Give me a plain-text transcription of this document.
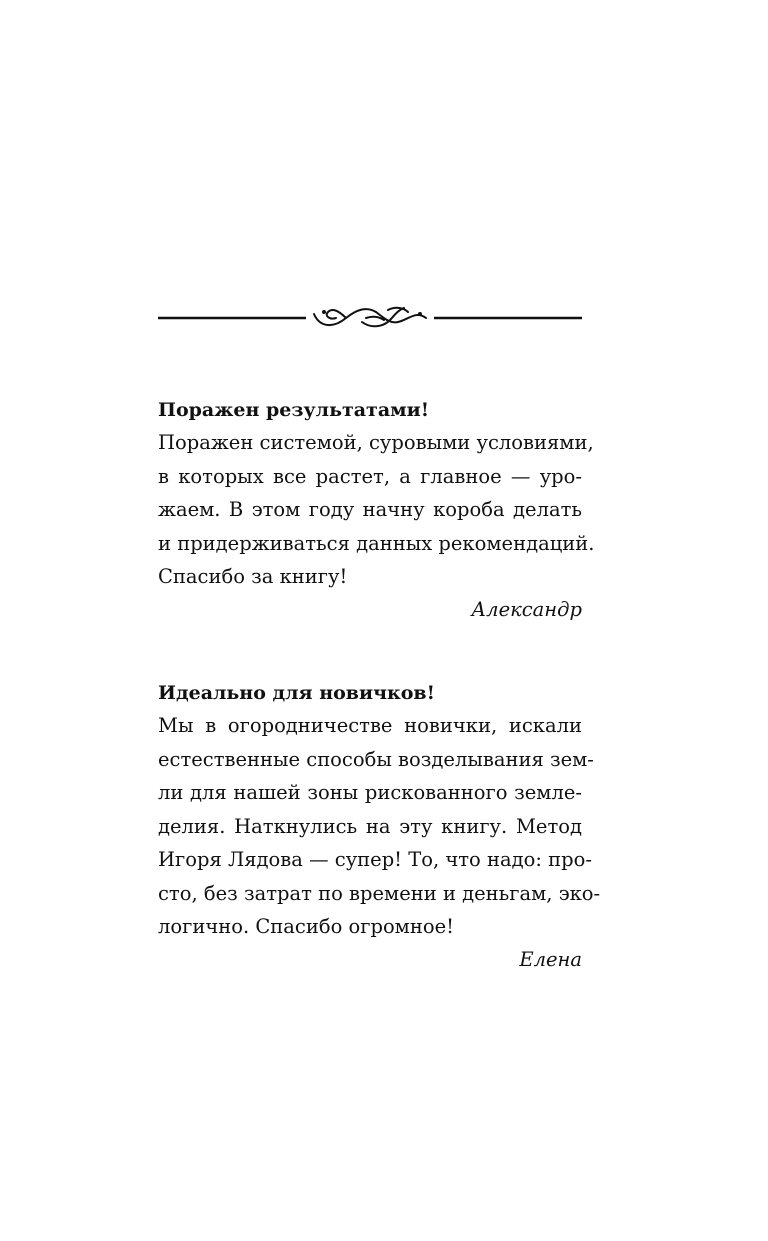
Поражен результатами!

Поражен системой, суровыми условиями,
в которых все растет, а главное — уро-
жаем. В этом году начну короба делать
и придерживаться данных рекомендаций.
Спасибо за книгу!

Александр

Идеально для новичков!

Мы в огородничестве новички, искали
естественные способы возделывания зем-
ли для нашей зоны рискованного земле-
делия. Наткнулись на эту книгу. Метод
Игоря Лядова — супер! То, что надо: про-
сто, без затрат по времени и деньгам, эко-
логично. Спасибо огромное!

Елена
